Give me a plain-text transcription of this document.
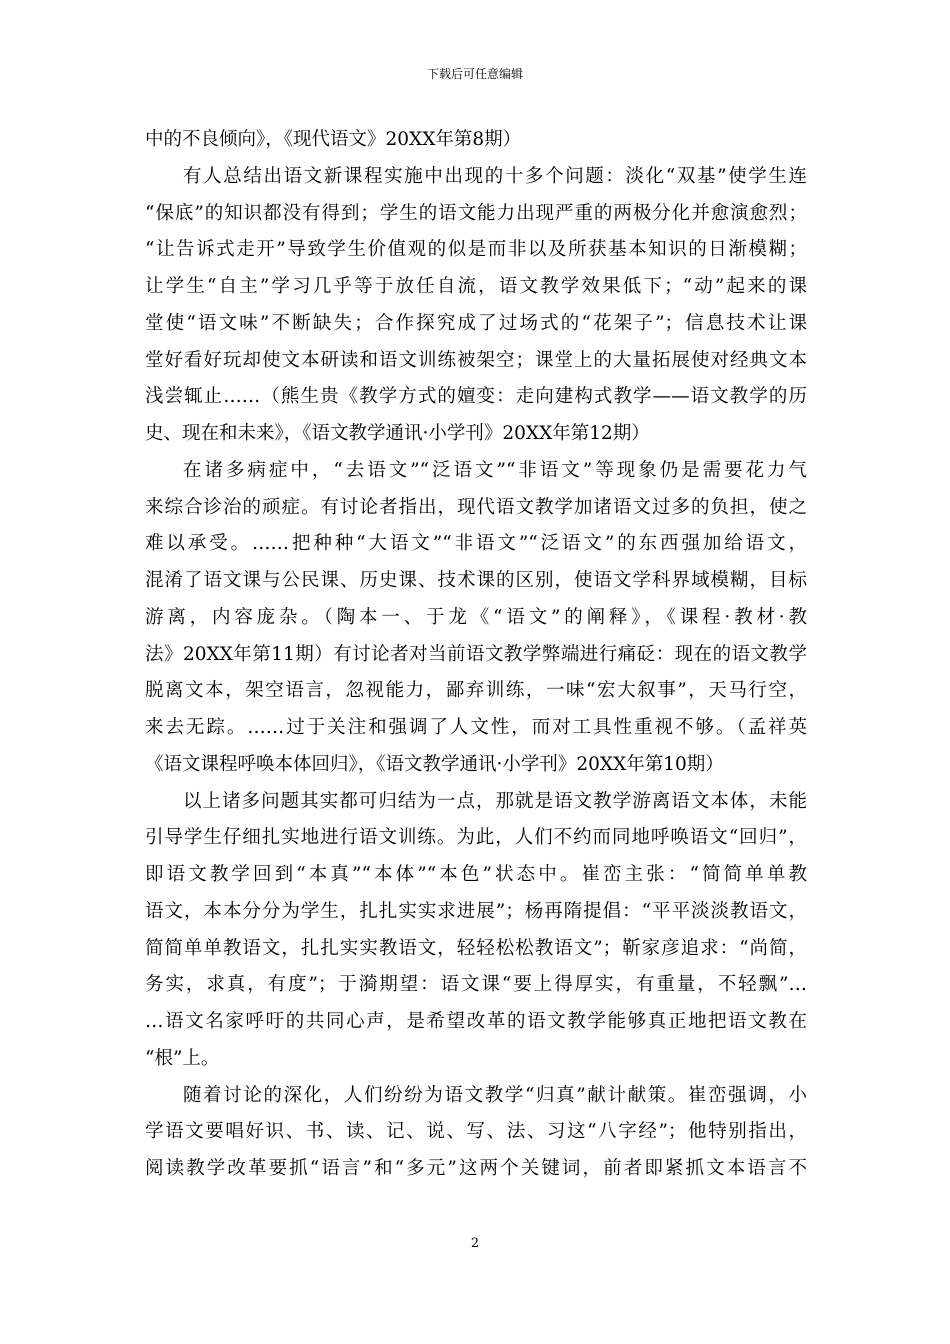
下载后可任意编辑
中的不良倾向》，《现代语文》20XX年第8期）
有人总结出语文新课程实施中出现的十多个问题：淡化“双基”使学生连
“保底”的知识都没有得到；学生的语文能力出现严重的两极分化并愈演愈烈；
“让告诉式走开”导致学生价值观的似是而非以及所获基本知识的日渐模糊；
让学生“自主”学习几乎等于放任自流，语文教学效果低下；“动”起来的课
堂使“语文味”不断缺失；合作探究成了过场式的“花架子”；信息技术让课
堂好看好玩却使文本研读和语文训练被架空；课堂上的大量拓展使对经典文本
浅尝辄止……（熊生贵《教学方式的嬗变：走向建构式教学——语文教学的历
史、现在和未来》，《语文教学通讯·小学刊》20XX年第12期）
在诸多病症中，“去语文”“泛语文”“非语文”等现象仍是需要花力气
来综合诊治的顽症。有讨论者指出，现代语文教学加诸语文过多的负担，使之
难以承受。……把种种“大语文”“非语文”“泛语文”的东西强加给语文，
混淆了语文课与公民课、历史课、技术课的区别，使语文学科界域模糊，目标
游离，内容庞杂。（陶本一、于龙《“语文”的阐释》，《课程·教材·教
法》20XX年第11期）有讨论者对当前语文教学弊端进行痛砭：现在的语文教学
脱离文本，架空语言，忽视能力，鄙弃训练，一味“宏大叙事”，天马行空，
来去无踪。……过于关注和强调了人文性，而对工具性重视不够。（孟祥英
《语文课程呼唤本体回归》，《语文教学通讯·小学刊》20XX年第10期）
以上诸多问题其实都可归结为一点，那就是语文教学游离语文本体，未能
引导学生仔细扎实地进行语文训练。为此，人们不约而同地呼唤语文“回归”，
即语文教学回到“本真”“本体”“本色”状态中。崔峦主张：“简简单单教
语文，本本分分为学生，扎扎实实求进展”；杨再隋提倡：“平平淡淡教语文，
简简单单教语文，扎扎实实教语文，轻轻松松教语文”；靳家彦追求：“尚简，
务实，求真，有度”；于漪期望：语文课“要上得厚实，有重量，不轻飘”…
…语文名家呼吁的共同心声，是希望改革的语文教学能够真正地把语文教在
“根”上。
随着讨论的深化，人们纷纷为语文教学“归真”献计献策。崔峦强调，小
学语文要唱好识、书、读、记、说、写、法、习这“八字经”；他特别指出，
阅读教学改革要抓“语言”和“多元”这两个关键词，前者即紧抓文本语言不
2
